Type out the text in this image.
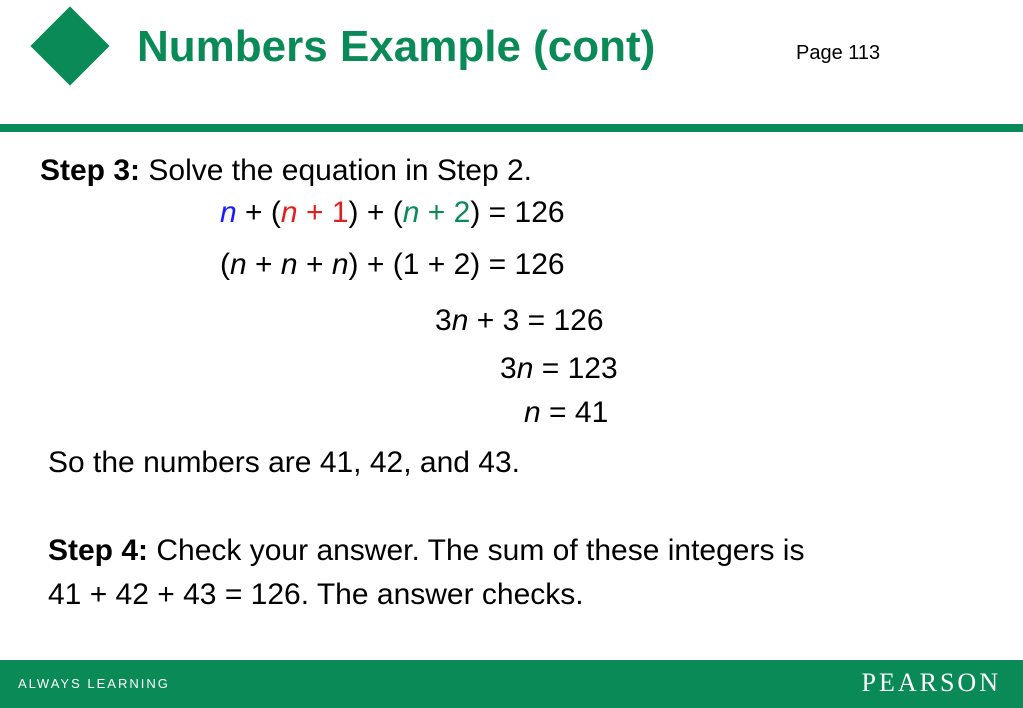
Numbers Example (cont)	Page 113
Step 3: Solve the equation in Step 2.
n + (n + 1) + (n + 2) = 126
(n + n + n) + (1 + 2) = 126
3n + 3 = 126
3n = 123
n = 41
So the numbers are 41, 42, and 43.
Step 4: Check your answer. The sum of these integers is
41 + 42 + 43 = 126. The answer checks.
ALWAYS LEARNING	PEARSON
